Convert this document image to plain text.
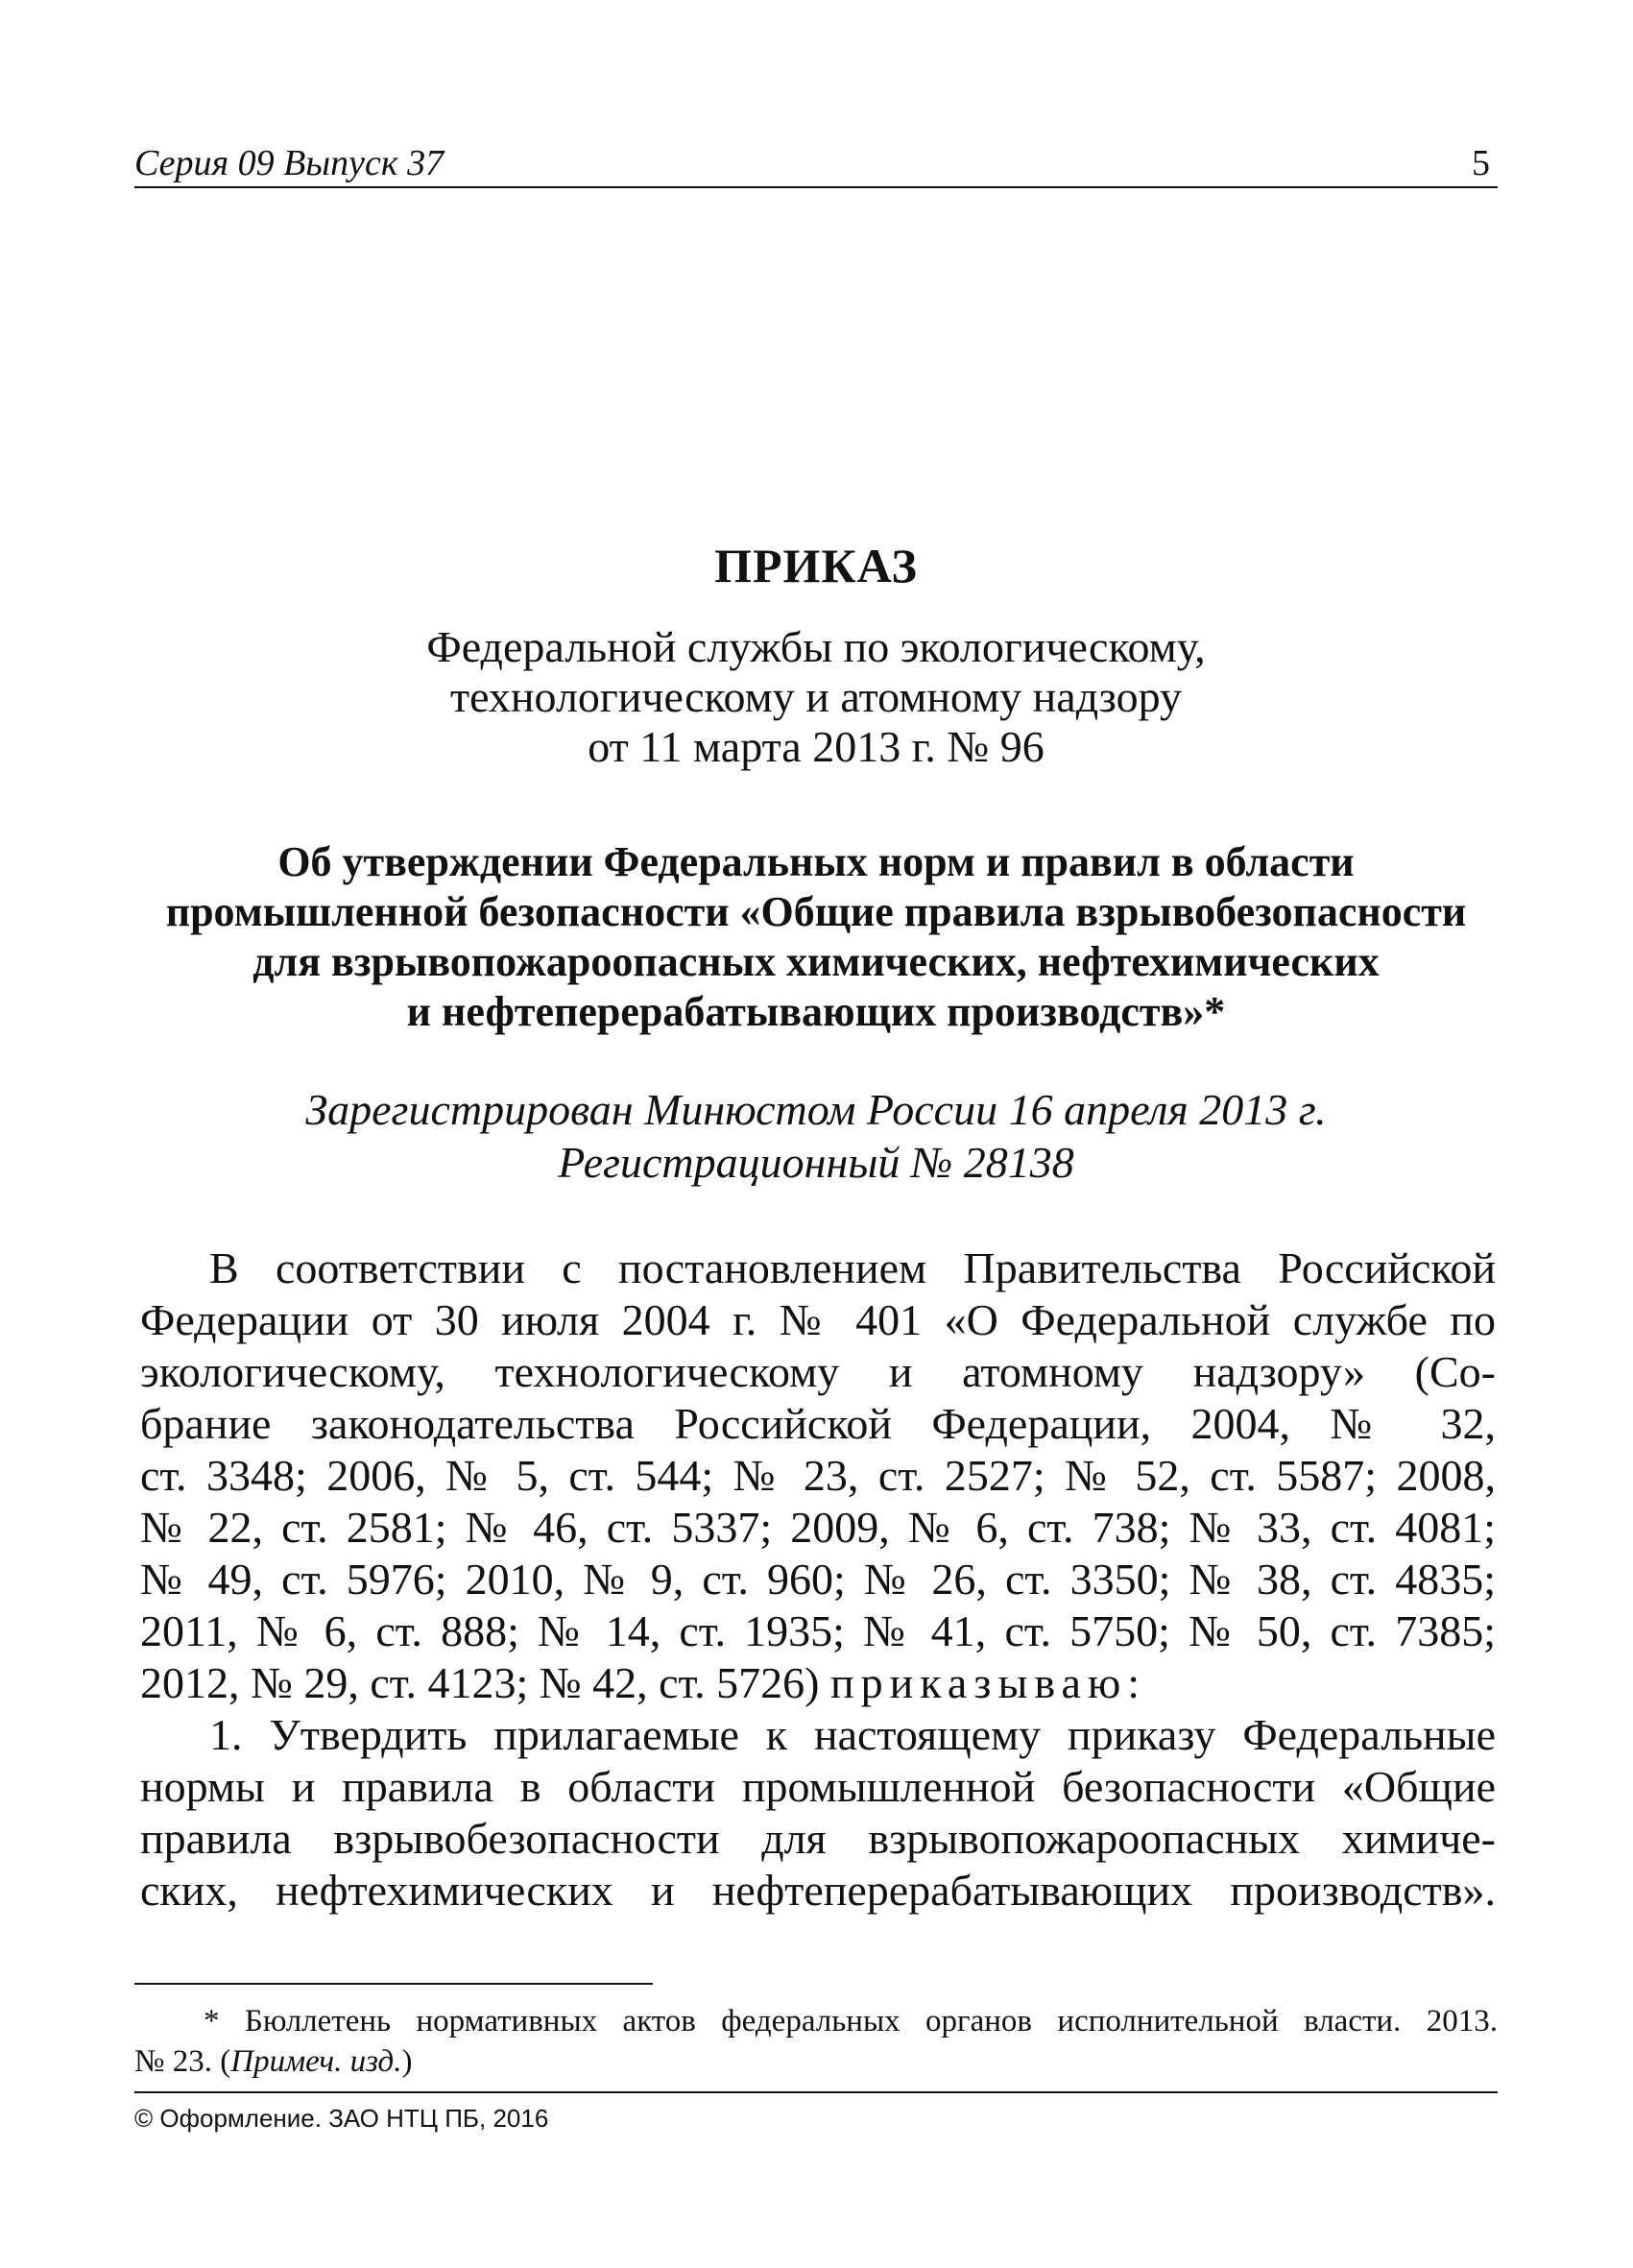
Серия 09 Выпуск 37	5
ПРИКАЗ
Федеральной службы по экологическому,
технологическому и атомному надзору
от 11 марта 2013 г. № 96
Об утверждении Федеральных норм и правил в области
промышленной безопасности «Общие правила взрывобезопасности
для взрывопожароопасных химических, нефтехимических
и нефтеперерабатывающих производств»*
Зарегистрирован Минюстом России 16 апреля 2013 г.
Регистрационный № 28138
В соответствии с постановлением Правительства Российской
Федерации от 30 июля 2004 г. № 401 «О Федеральной службе по
экологическому, технологическому и атомному надзору» (Со-
брание законодательства Российской Федерации, 2004, № 32,
ст. 3348; 2006, № 5, ст. 544; № 23, ст. 2527; № 52, ст. 5587; 2008,
№ 22, ст. 2581; № 46, ст. 5337; 2009, № 6, ст. 738; № 33, ст. 4081;
№ 49, ст. 5976; 2010, № 9, ст. 960; № 26, ст. 3350; № 38, ст. 4835;
2011, № 6, ст. 888; № 14, ст. 1935; № 41, ст. 5750; № 50, ст. 7385;
2012, № 29, ст. 4123; № 42, ст. 5726) приказываю:
1. Утвердить прилагаемые к настоящему приказу Федеральные
нормы и правила в области промышленной безопасности «Общие
правила взрывобезопасности для взрывопожароопасных химиче-
ских, нефтехимических и нефтеперерабатывающих производств».
* Бюллетень нормативных актов федеральных органов исполнительной власти. 2013.
№ 23. (Примеч. изд.)
© Оформление. ЗАО НТЦ ПБ, 2016
